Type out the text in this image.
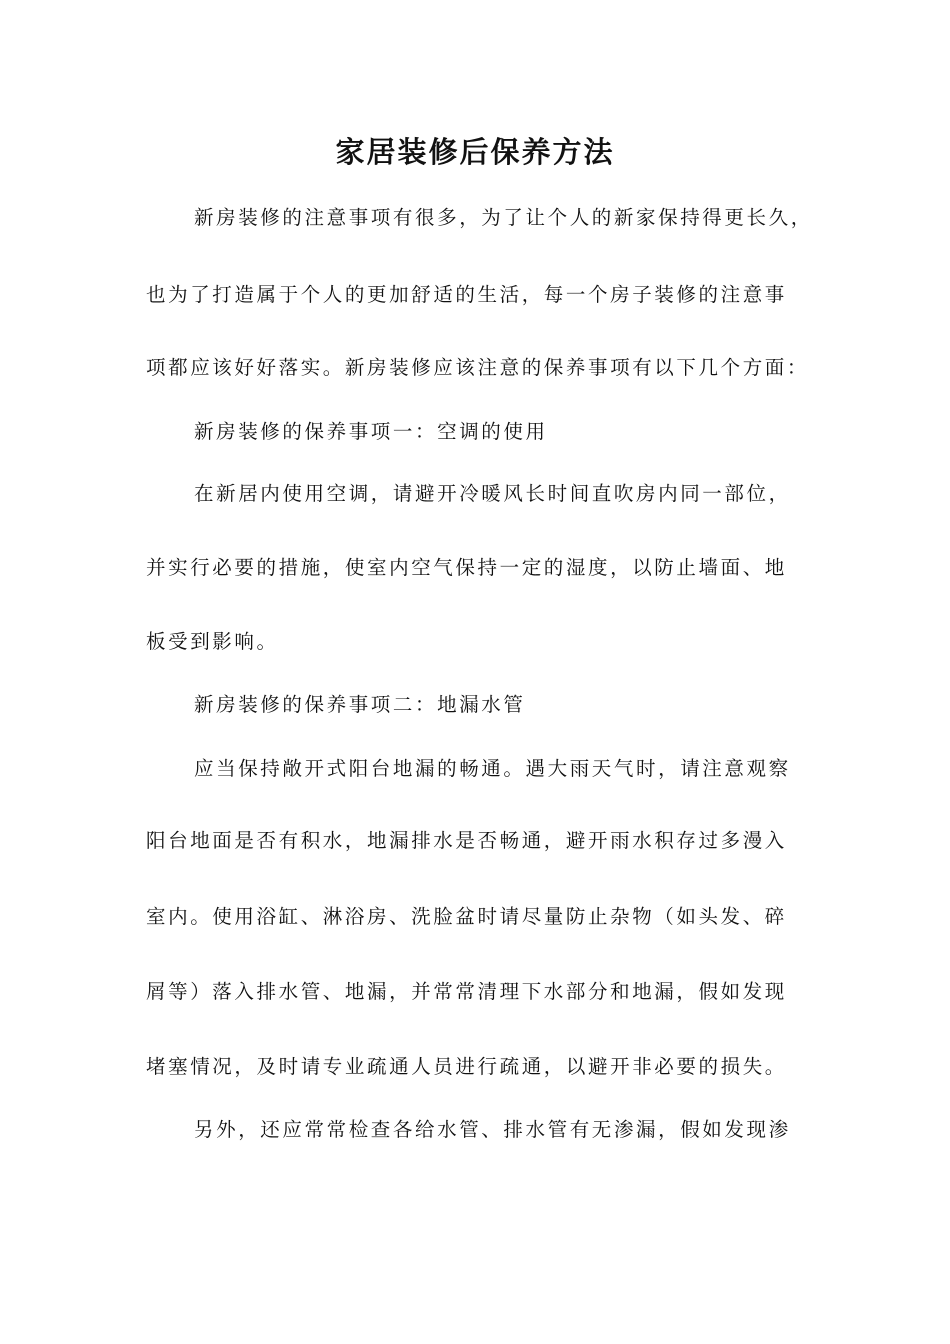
家居装修后保养方法
新房装修的注意事项有很多，为了让个人的新家保持得更长久，
也为了打造属于个人的更加舒适的生活，每一个房子装修的注意事
项都应该好好落实。新房装修应该注意的保养事项有以下几个方面：
新房装修的保养事项一：空调的使用
在新居内使用空调，请避开冷暖风长时间直吹房内同一部位，
并实行必要的措施，使室内空气保持一定的湿度，以防止墙面、地
板受到影响。
新房装修的保养事项二：地漏水管
应当保持敞开式阳台地漏的畅通。遇大雨天气时，请注意观察
阳台地面是否有积水，地漏排水是否畅通，避开雨水积存过多漫入
室内。使用浴缸、淋浴房、洗脸盆时请尽量防止杂物（如头发、碎
屑等）落入排水管、地漏，并常常清理下水部分和地漏，假如发现
堵塞情况，及时请专业疏通人员进行疏通，以避开非必要的损失。
另外，还应常常检查各给水管、排水管有无渗漏，假如发现渗
